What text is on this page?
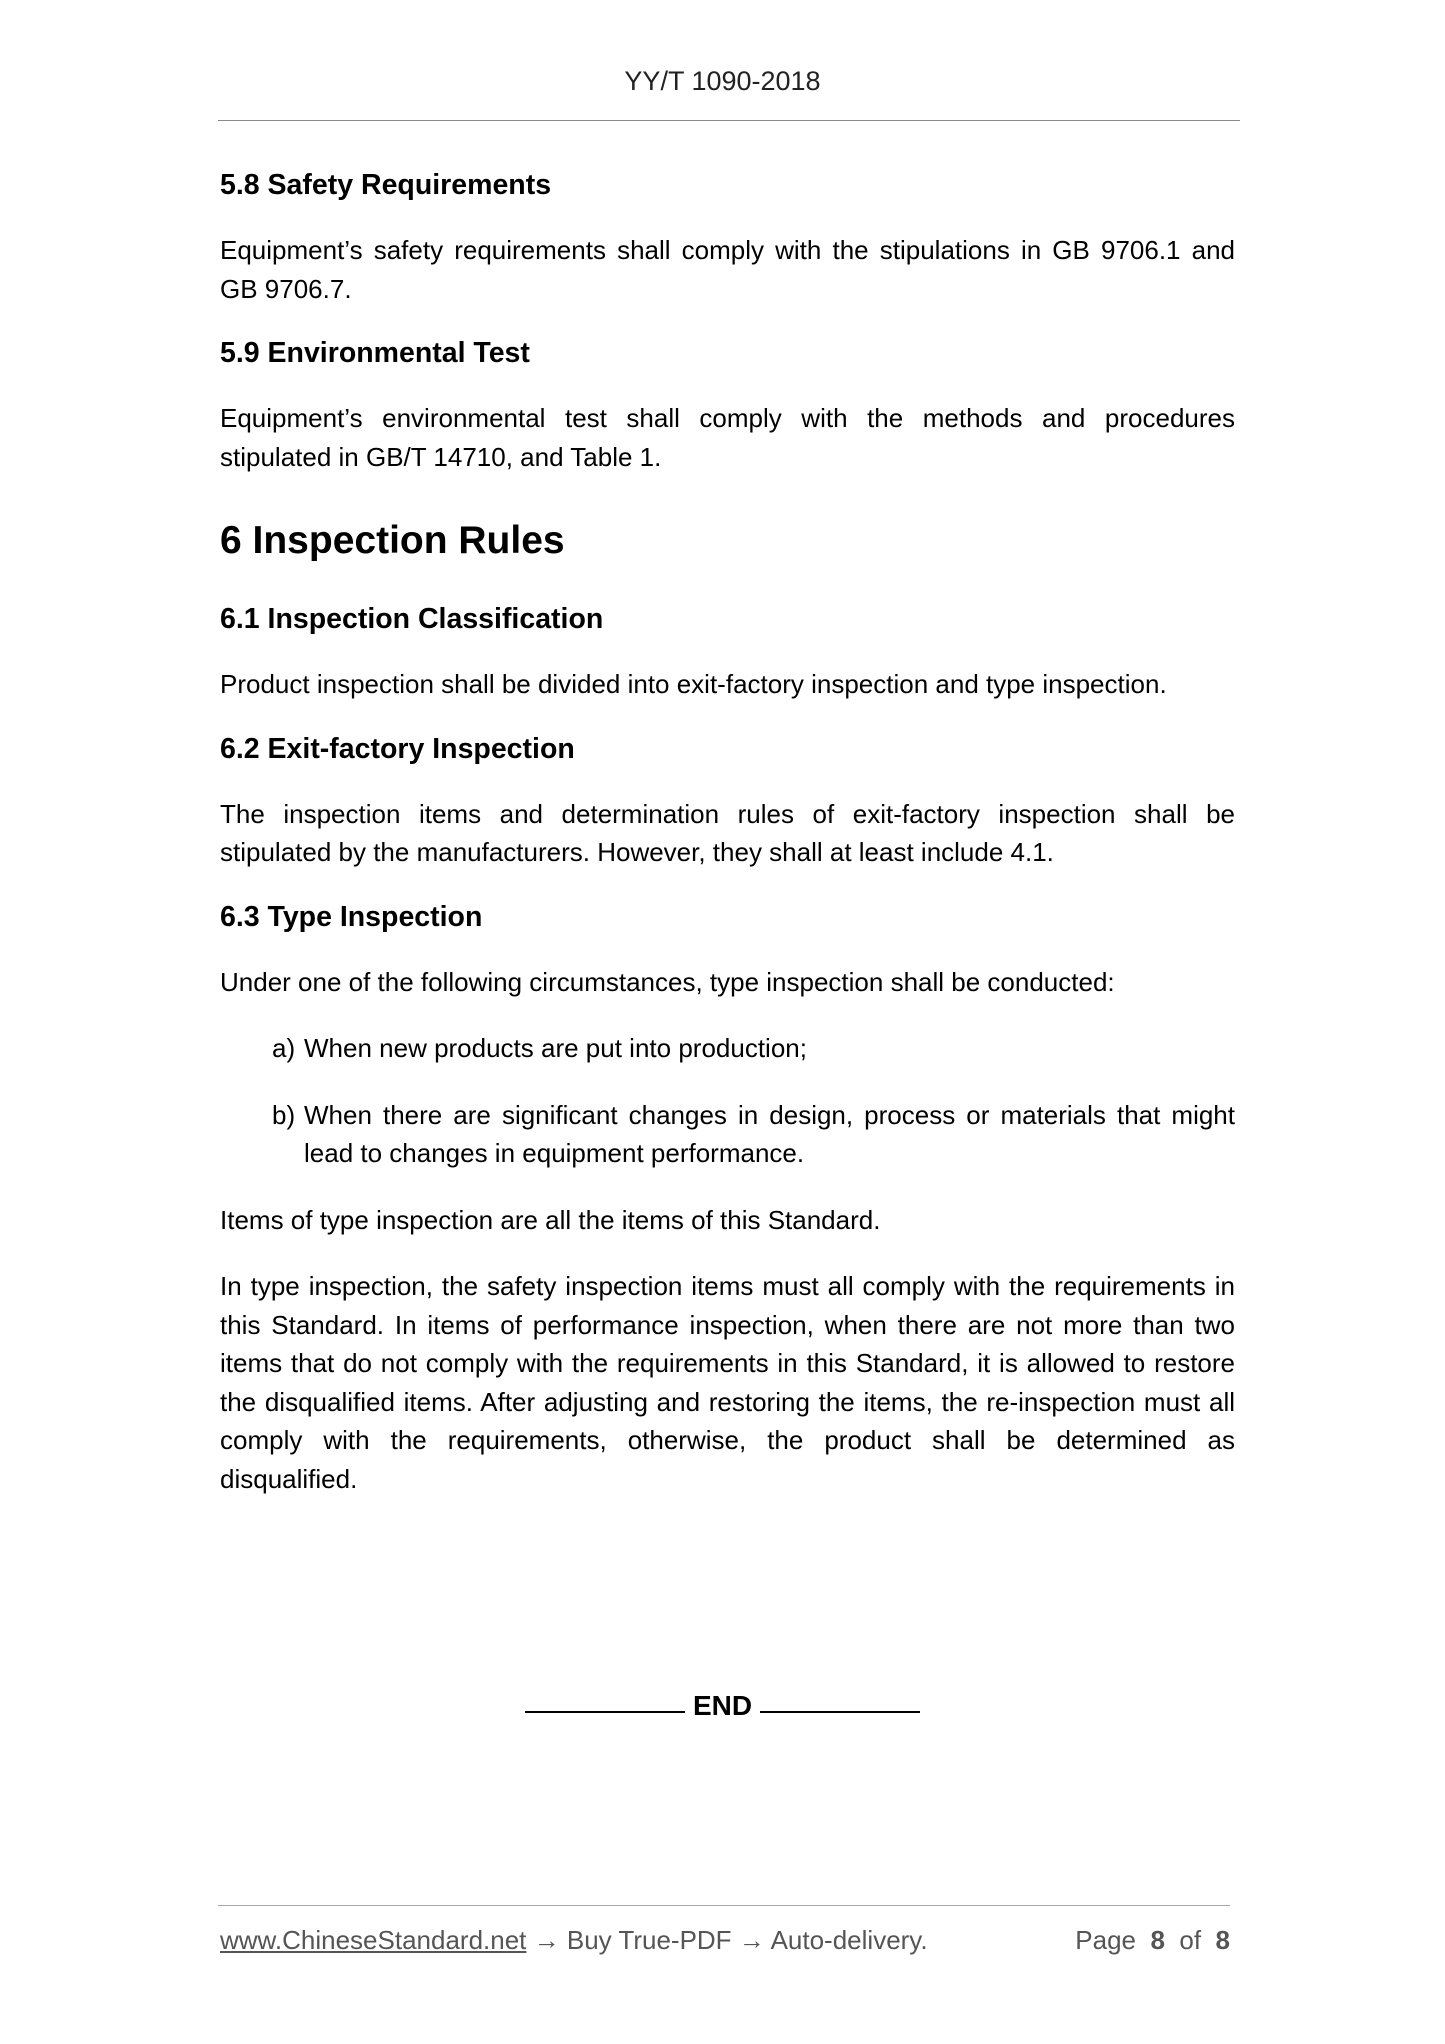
YY/T 1090-2018
5.8 Safety Requirements

Equipment’s safety requirements shall comply with the stipulations in GB 9706.1 and GB 9706.7.

5.9 Environmental Test

Equipment’s environmental test shall comply with the methods and procedures stipulated in GB/T 14710, and Table 1.

6 Inspection Rules
6.1 Inspection Classification

Product inspection shall be divided into exit-factory inspection and type inspection.

6.2 Exit-factory Inspection

The inspection items and determination rules of exit-factory inspection shall be stipulated by the manufacturers. However, they shall at least include 4.1.

6.3 Type Inspection

Under one of the following circumstances, type inspection shall be conducted:

a) When new products are put into production;
b) When there are significant changes in design, process or materials that might lead to changes in equipment performance.

Items of type inspection are all the items of this Standard.

In type inspection, the safety inspection items must all comply with the requirements in this Standard. In items of performance inspection, when there are not more than two items that do not comply with the requirements in this Standard, it is allowed to restore the disqualified items. After adjusting and restoring the items, the re-inspection must all comply with the requirements, otherwise, the product shall be determined as disqualified.

END
www.ChineseStandard.net → Buy True-PDF → Auto-delivery.	Page 8 of 8
